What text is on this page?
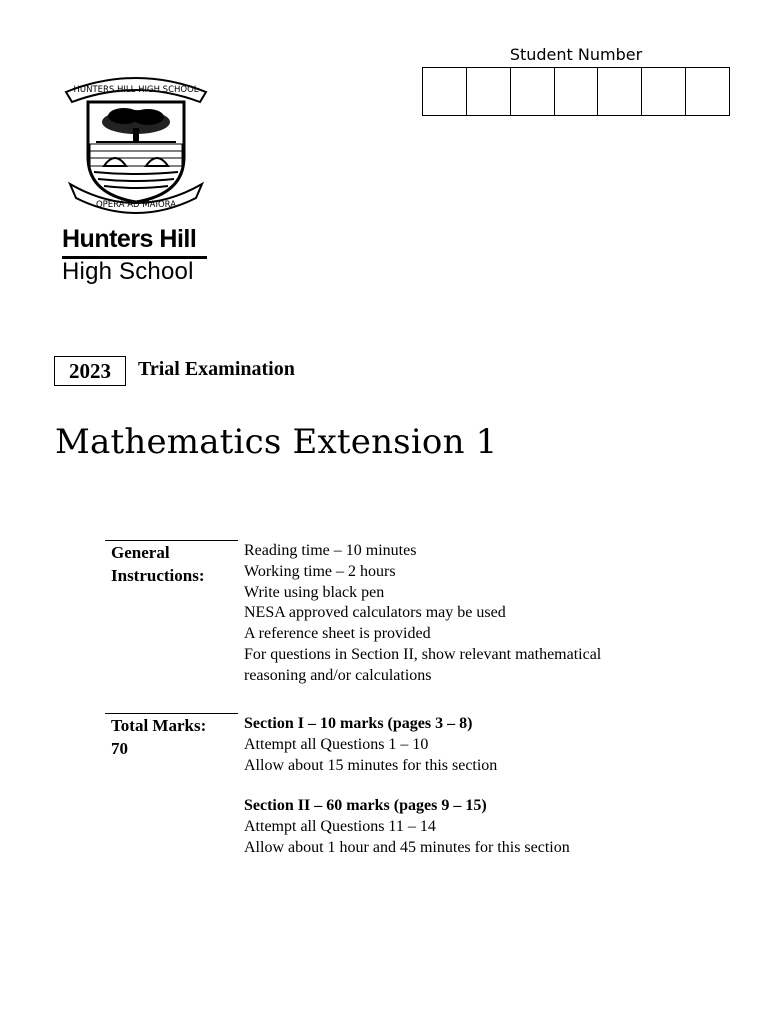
HUNTERS HILL HIGH SCHOOL
OPERA AD MAIORA
Hunters Hill
High School
Student Number
2023	Trial Examination
Mathematics Extension 1
General
Instructions:
Reading time – 10 minutes
Working time – 2 hours
Write using black pen
NESA approved calculators may be used
A reference sheet is provided
For questions in Section II, show relevant mathematical
reasoning and/or calculations
Total Marks:
70
Section I – 10 marks (pages 3 – 8)
Attempt all Questions 1 – 10
Allow about 15 minutes for this section
Section II – 60 marks (pages 9 – 15)
Attempt all Questions 11 – 14
Allow about 1 hour and 45 minutes for this section
